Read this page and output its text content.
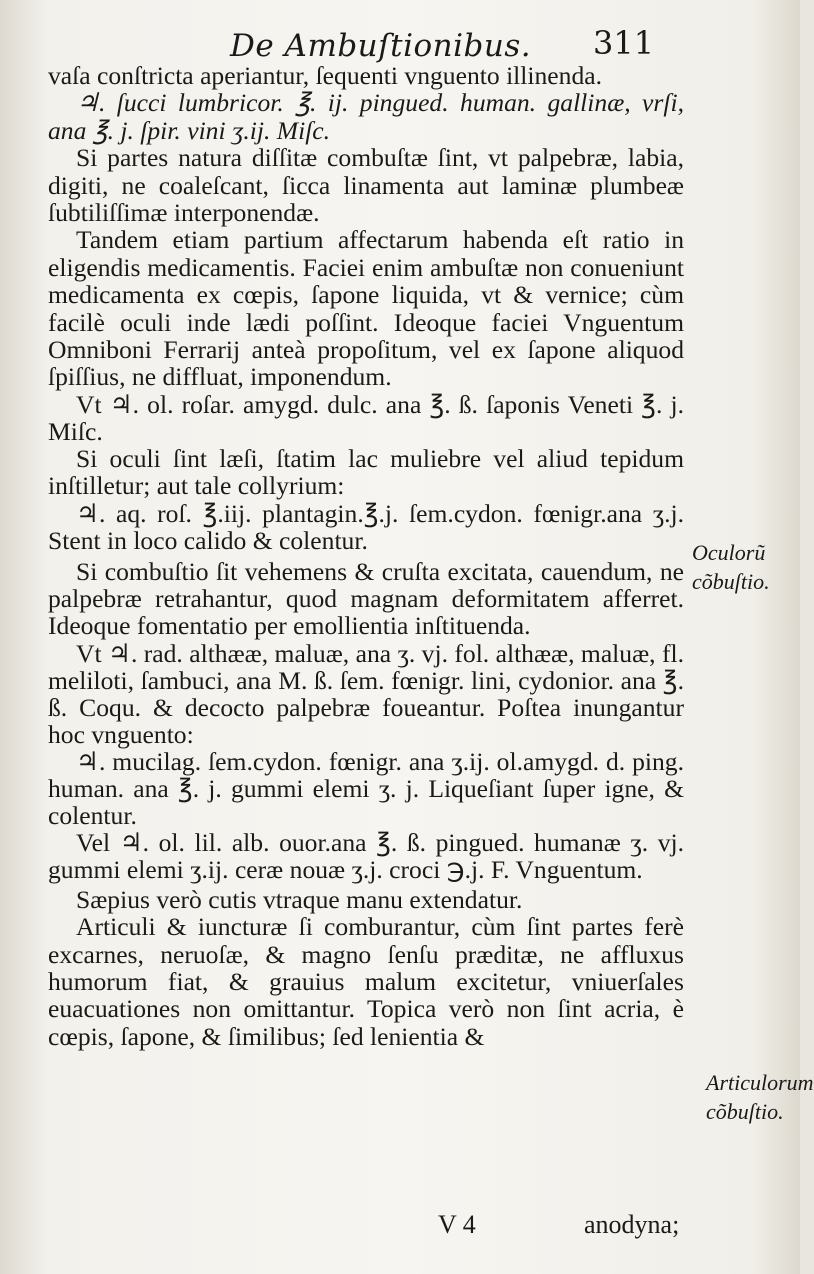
De Ambuſtionibus. 311

vaſa conſtricta aperiantur, ſequenti vnguento illinenda.

♃. ſucci lumbricor. ℥. ij. pingued. human. gallinæ, vrſi, ana ℥. j. ſpir. vini ʒ.ij. Miſc.

Si partes natura diſſitæ combuſtæ ſint, vt palpebræ, labia, digiti, ne coaleſcant, ſicca linamenta aut laminæ plumbeæ ſubtiliſſimæ interponendæ.

Tandem etiam partium affectarum habenda eſt ratio in eligendis medicamentis. Faciei enim ambuſtæ non conueniunt medicamenta ex cœpis, ſapone liquida, vt & vernice; cùm facilè oculi inde lædi poſſint. Ideoque faciei Vnguentum Omniboni Ferrarij anteà propoſitum, vel ex ſapone aliquod ſpiſſius, ne diffluat, imponendum.

Vt ♃. ol. roſar. amygd. dulc. ana ℥. ß. ſaponis Veneti ℥. j. Miſc.

Si oculi ſint læſi, ſtatim lac muliebre vel aliud tepidum inſtilletur; aut tale collyrium:

♃. aq. roſ. ℥.iij. plantagin.℥.j. ſem.cydon. fœnigr.ana ʒ.j. Stent in loco calido & colentur.

Si combuſtio ſit vehemens & cruſta excitata, cauendum, ne palpebræ retrahantur, quod magnam deformitatem afferret. Ideoque fomentatio per emollientia inſtituenda.

Vt ♃. rad. althææ, maluæ, ana ʒ. vj. fol. althææ, maluæ, fl. meliloti, ſambuci, ana M. ß. ſem. fœnigr. lini, cydonior. ana ℥. ß. Coqu. & decocto palpebræ foueantur. Poſtea inungantur hoc vnguento:

♃. mucilag. ſem.cydon. fœnigr. ana ʒ.ij. ol.amygd. d. ping. human. ana ℥. j. gummi elemi ʒ. j. Liqueſiant ſuper igne, & colentur.

Vel ♃. ol. lil. alb. ouor.ana ℥. ß. pingued. humanæ ʒ. vj. gummi elemi ʒ.ij. ceræ nouæ ʒ.j. croci ℈.j. F. Vnguentum.

Sæpius verò cutis vtraque manu extendatur.

Articuli & iuncturæ ſi comburantur, cùm ſint partes ferè excarnes, neruoſæ, & magno ſenſu præditæ, ne affluxus humorum fiat, & grauius malum excitetur, vniuerſales euacuationes non omittantur. Topica verò non ſint acria, è cœpis, ſapone, & ſimilibus; ſed lenientia &

Oculorũ cõbuſtio.
Articulorum cõbuſtio.
V 4	anodyna;
